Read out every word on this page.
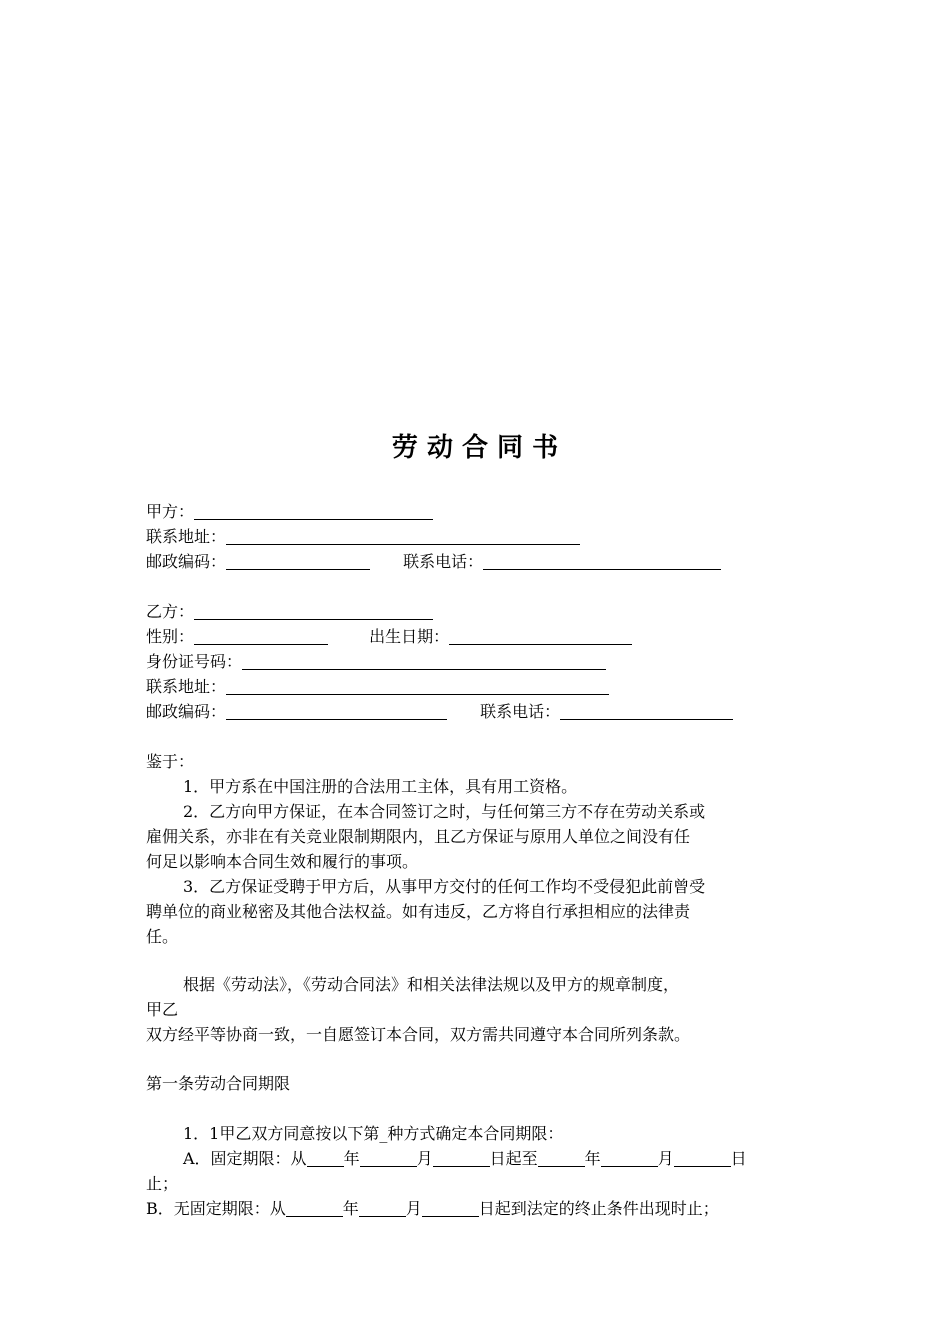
劳 动 合 同 书
甲方：
联系地址：
邮政编码：	联系电话：
乙方：
性别：	出生日期：
身份证号码：
联系地址：
邮政编码：	联系电话：
鉴于：
1．甲方系在中国注册的合法用工主体，具有用工资格。
2．乙方向甲方保证，在本合同签订之时，与任何第三方不存在劳动关系或
雇佣关系，亦非在有关竞业限制期限内，且乙方保证与原用人单位之间没有任
何足以影响本合同生效和履行的事项。
3．乙方保证受聘于甲方后，从事甲方交付的任何工作均不受侵犯此前曾受
聘单位的商业秘密及其他合法权益。如有违反，乙方将自行承担相应的法律责
任。
根据《劳动法》，《劳动合同法》和相关法律法规以及甲方的规章制度，
甲乙
双方经平等协商一致，一自愿签订本合同，双方需共同遵守本合同所列条款。
第一条劳动合同期限
1．1甲乙双方同意按以下第_种方式确定本合同期限：
A．固定期限：从 年	月	日起至	年	月	日
止；
B．无固定期限：从	年	月	日起到法定的终止条件出现时止；
